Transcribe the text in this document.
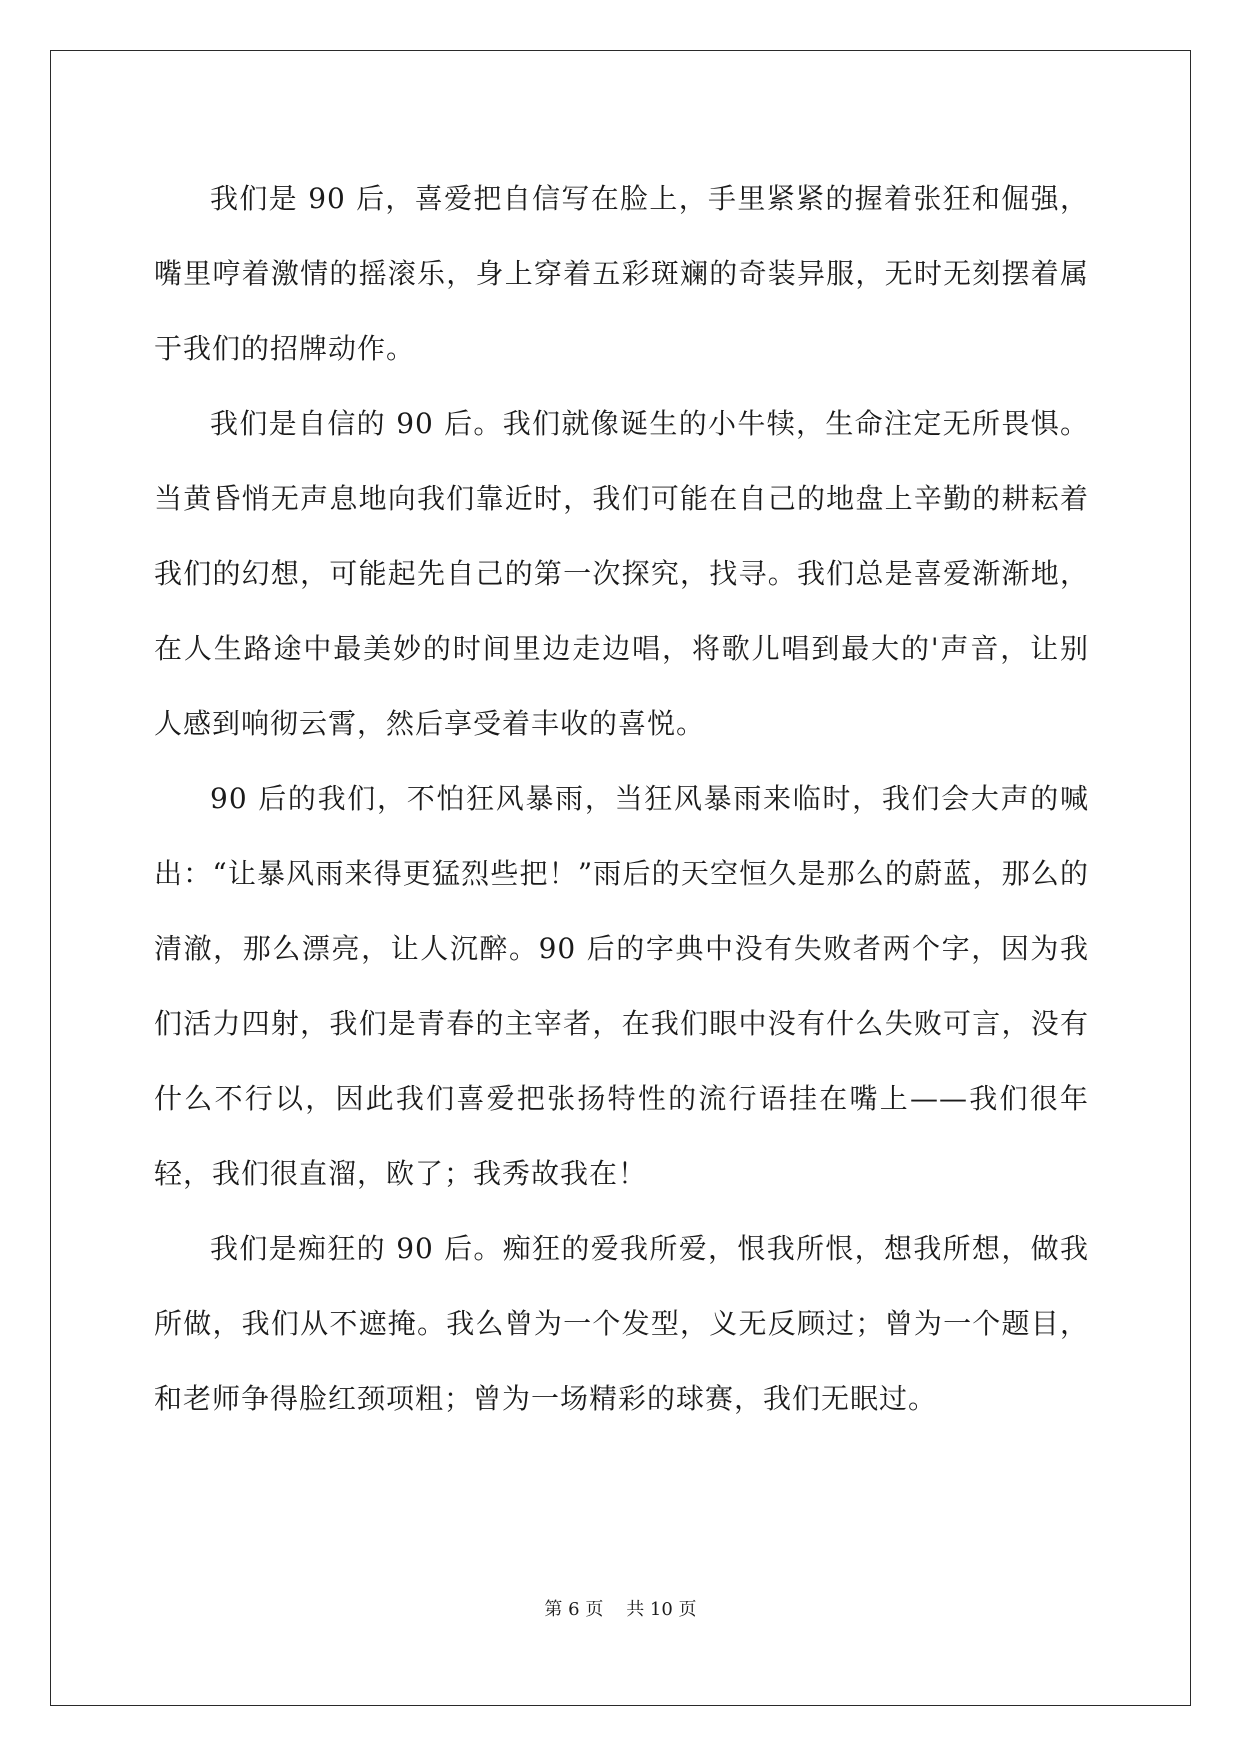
我们是 90 后，喜爱把自信写在脸上，手里紧紧的握着张狂和倔强，嘴里哼着激情的摇滚乐，身上穿着五彩斑斓的奇装异服，无时无刻摆着属于我们的招牌动作。

我们是自信的 90 后。我们就像诞生的小牛犊，生命注定无所畏惧。当黄昏悄无声息地向我们靠近时，我们可能在自己的地盘上辛勤的耕耘着我们的幻想，可能起先自己的第一次探究，找寻。我们总是喜爱渐渐地，在人生路途中最美妙的时间里边走边唱，将歌儿唱到最大的'声音，让别人感到响彻云霄，然后享受着丰收的喜悦。

90 后的我们，不怕狂风暴雨，当狂风暴雨来临时，我们会大声的喊出：“让暴风雨来得更猛烈些把！”雨后的天空恒久是那么的蔚蓝，那么的清澈，那么漂亮，让人沉醉。90 后的字典中没有失败者两个字，因为我们活力四射，我们是青春的主宰者，在我们眼中没有什么失败可言，没有什么不行以，因此我们喜爱把张扬特性的流行语挂在嘴上——我们很年轻，我们很直溜，欧了；我秀故我在！

我们是痴狂的 90 后。痴狂的爱我所爱，恨我所恨，想我所想，做我所做，我们从不遮掩。我么曾为一个发型，义无反顾过；曾为一个题目，和老师争得脸红颈项粗；曾为一场精彩的球赛，我们无眠过。

第 6 页    共 10 页
